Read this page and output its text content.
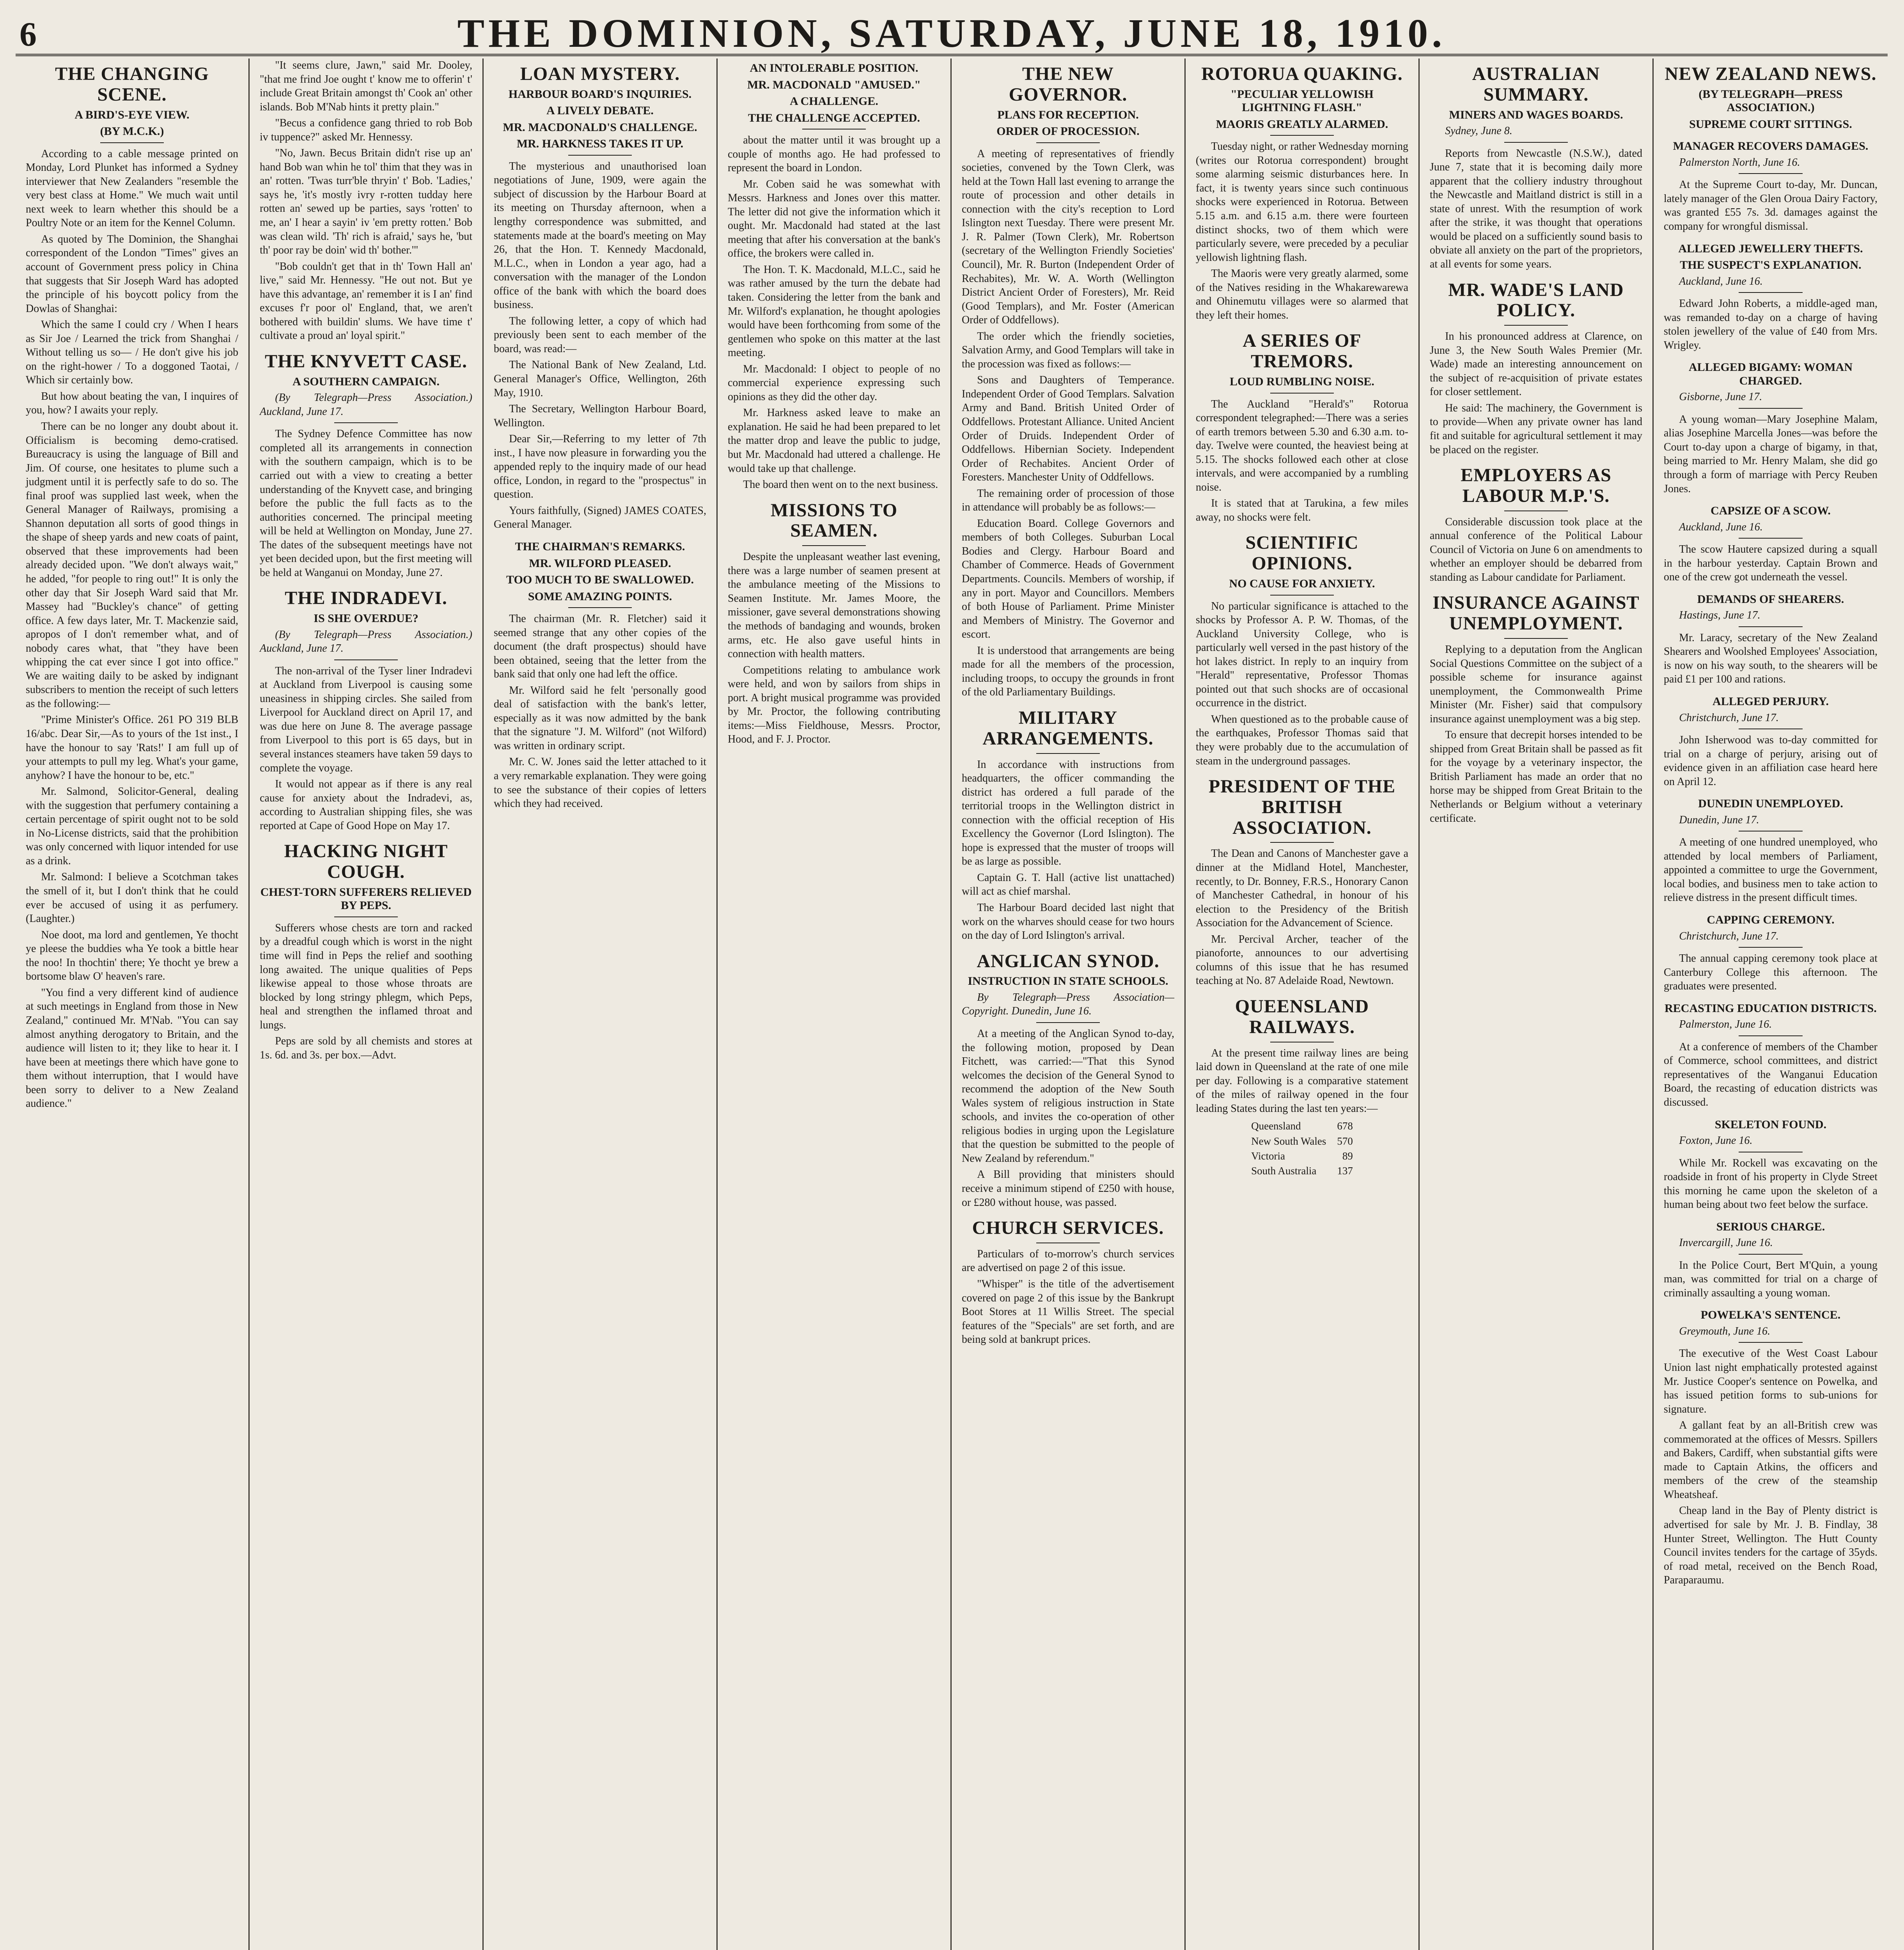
6	THE DOMINION, SATURDAY, JUNE 18, 1910.
THE CHANGING SCENE.
A BIRD'S-EYE VIEW.
(BY M.C.K.)

According to a cable message printed on Monday, Lord Plunket has informed a Sydney interviewer that New Zealanders "resemble the very best class at Home." We much wait until next week to learn whether this should be a Poultry Note or an item for the Kennel Column.

As quoted by The Dominion, the Shanghai correspondent of the London "Times" gives an account of Government press policy in China that suggests that Sir Joseph Ward has adopted the principle of his boycott policy from the Dowlas of Shanghai:

Which the same I could cry / When I hears as Sir Joe / Learned the trick from Shanghai / Without telling us so— / He don't give his job on the right-hower / To a doggoned Taotai, / Which sir certainly bow.

But how about beating the van, I inquires of you, how? I awaits your reply.

There can be no longer any doubt about it. Officialism is becoming demo-cratised. Bureaucracy is using the language of Bill and Jim. Of course, one hesitates to plume such a judgment until it is perfectly safe to do so. The final proof was supplied last week, when the General Manager of Railways, promising a Shannon deputation all sorts of good things in the shape of sheep yards and new coats of paint, observed that these improvements had been already decided upon. "We don't always wait," he added, "for people to ring out!" It is only the other day that Sir Joseph Ward said that Mr. Massey had "Buckley's chance" of getting office. A few days later, Mr. T. Mackenzie said, apropos of I don't remember what, and of nobody cares what, that "they have been whipping the cat ever since I got into office." We are waiting daily to be asked by indignant subscribers to mention the receipt of such letters as the following:—

"Prime Minister's Office. 261 PO 319 BLB 16/abc. Dear Sir,—As to yours of the 1st inst., I have the honour to say 'Rats!' I am full up of your attempts to pull my leg. What's your game, anyhow? I have the honour to be, etc."

Mr. Salmond, Solicitor-General, dealing with the suggestion that perfumery containing a certain percentage of spirit ought not to be sold in No-License districts, said that the prohibition was only concerned with liquor intended for use as a drink.

Mr. Salmond: I believe a Scotchman takes the smell of it, but I don't think that he could ever be accused of using it as perfumery. (Laughter.)

Noe doot, ma lord and gentlemen, Ye thocht ye pleese the buddies wha Ye took a bittle hear the noo! In thochtin' there; Ye thocht ye brew a bortsome blaw O' heaven's rare.

"You find a very different kind of audience at such meetings in England from those in New Zealand," continued Mr. M'Nab. "You can say almost anything derogatory to Britain, and the audience will listen to it; they like to hear it. I have been at meetings there which have gone to them without interruption, that I would have been sorry to deliver to a New Zealand audience."

"It seems clure, Jawn," said Mr. Dooley, "that me frind Joe ought t' know me to offerin' t' include Great Britain amongst th' Cook an' other islands. Bob M'Nab hints it pretty plain."

"Becus a confidence gang thried to rob Bob iv tuppence?" asked Mr. Hennessy.

"No, Jawn. Becus Britain didn't rise up an' hand Bob wan whin he tol' thim that they was in an' rotten. 'Twas turr'ble thryin' t' Bob. 'Ladies,' says he, 'it's mostly ivry r-rotten tudday here rotten an' sewed up be parties, says 'rotten' to me, an' I hear a sayin' iv 'em pretty rotten.' Bob was clean wild. 'Th' rich is afraid,' says he, 'but th' poor ray be doin' wid th' bother.'"

"Bob couldn't get that in th' Town Hall an' live," said Mr. Hennessy. "He out not. But ye have this advantage, an' remember it is I an' find excuses f'r poor ol' England, that, we aren't bothered with buildin' slums. We have time t' cultivate a proud an' loyal spirit."

THE KNYVETT CASE.
A SOUTHERN CAMPAIGN.

(By Telegraph—Press Association.) Auckland, June 17.

The Sydney Defence Committee has now completed all its arrangements in connection with the southern campaign, which is to be carried out with a view to creating a better understanding of the Knyvett case, and bringing before the public the full facts as to the authorities concerned. The principal meeting will be held at Wellington on Monday, June 27. The dates of the subsequent meetings have not yet been decided upon, but the first meeting will be held at Wanganui on Monday, June 27.

THE INDRADEVI.
IS SHE OVERDUE?

(By Telegraph—Press Association.) Auckland, June 17.

The non-arrival of the Tyser liner Indradevi at Auckland from Liverpool is causing some uneasiness in shipping circles. She sailed from Liverpool for Auckland direct on April 17, and was due here on June 8. The average passage from Liverpool to this port is 65 days, but in several instances steamers have taken 59 days to complete the voyage.

It would not appear as if there is any real cause for anxiety about the Indradevi, as, according to Australian shipping files, she was reported at Cape of Good Hope on May 17.

HACKING NIGHT COUGH.
CHEST-TORN SUFFERERS RELIEVED BY PEPS.

Sufferers whose chests are torn and racked by a dreadful cough which is worst in the night time will find in Peps the relief and soothing long awaited. The unique qualities of Peps likewise appeal to those whose throats are blocked by long stringy phlegm, which Peps, heal and strengthen the inflamed throat and lungs.

Peps are sold by all chemists and stores at 1s. 6d. and 3s. per box.—Advt.

LOAN MYSTERY.
HARBOUR BOARD'S INQUIRIES.
A LIVELY DEBATE.
MR. MACDONALD'S CHALLENGE.
MR. HARKNESS TAKES IT UP.

The mysterious and unauthorised loan negotiations of June, 1909, were again the subject of discussion by the Harbour Board at its meeting on Thursday afternoon, when a lengthy correspondence was submitted, and statements made at the board's meeting on May 26, that the Hon. T. Kennedy Macdonald, M.L.C., when in London a year ago, had a conversation with the manager of the London office of the bank with which the board does business.

The following letter, a copy of which had previously been sent to each member of the board, was read:—

The National Bank of New Zealand, Ltd. General Manager's Office, Wellington, 26th May, 1910.

The Secretary, Wellington Harbour Board, Wellington.

Dear Sir,—Referring to my letter of 7th inst., I have now pleasure in forwarding you the appended reply to the inquiry made of our head office, London, in regard to the "prospectus" in question.

Yours faithfully, (Signed) JAMES COATES, General Manager.

THE CHAIRMAN'S REMARKS.
MR. WILFORD PLEASED.
TOO MUCH TO BE SWALLOWED.
SOME AMAZING POINTS.

The chairman (Mr. R. Fletcher) said it seemed strange that any other copies of the document (the draft prospectus) should have been obtained, seeing that the letter from the bank said that only one had left the office.

Mr. Wilford said he felt 'personally good deal of satisfaction with the bank's letter, especially as it was now admitted by the bank that the signature "J. M. Wilford" (not Wilford) was written in ordinary script.

Mr. C. W. Jones said the letter attached to it a very remarkable explanation. They were going to see the substance of their copies of letters which they had received.

AN INTOLERABLE POSITION.
MR. MACDONALD "AMUSED."
A CHALLENGE.
THE CHALLENGE ACCEPTED.

about the matter until it was brought up a couple of months ago. He had professed to represent the board in London.

Mr. Coben said he was somewhat with Messrs. Harkness and Jones over this matter. The letter did not give the information which it ought. Mr. Macdonald had stated at the last meeting that after his conversation at the bank's office, the brokers were called in.

The Hon. T. K. Macdonald, M.L.C., said he was rather amused by the turn the debate had taken. Considering the letter from the bank and Mr. Wilford's explanation, he thought apologies would have been forthcoming from some of the gentlemen who spoke on this matter at the last meeting.

Mr. Macdonald: I object to people of no commercial experience expressing such opinions as they did the other day.

Mr. Harkness asked leave to make an explanation. He said he had been prepared to let the matter drop and leave the public to judge, but Mr. Macdonald had uttered a challenge. He would take up that challenge.

The board then went on to the next business.

MISSIONS TO SEAMEN.

Despite the unpleasant weather last evening, there was a large number of seamen present at the ambulance meeting of the Missions to Seamen Institute. Mr. James Moore, the missioner, gave several demonstrations showing the methods of bandaging and wounds, broken arms, etc. He also gave useful hints in connection with health matters.

Competitions relating to ambulance work were held, and won by sailors from ships in port. A bright musical programme was provided by Mr. Proctor, the following contributing items:—Miss Fieldhouse, Messrs. Proctor, Hood, and F. J. Proctor.

THE NEW GOVERNOR.
PLANS FOR RECEPTION.
ORDER OF PROCESSION.

A meeting of representatives of friendly societies, convened by the Town Clerk, was held at the Town Hall last evening to arrange the route of procession and other details in connection with the city's reception to Lord Islington next Tuesday. There were present Mr. J. R. Palmer (Town Clerk), Mr. Robertson (secretary of the Wellington Friendly Societies' Council), Mr. R. Burton (Independent Order of Rechabites), Mr. W. A. Worth (Wellington District Ancient Order of Foresters), Mr. Reid (Good Templars), and Mr. Foster (American Order of Oddfellows).

The order which the friendly societies, Salvation Army, and Good Templars will take in the procession was fixed as follows:—

Sons and Daughters of Temperance. Independent Order of Good Templars. Salvation Army and Band. British United Order of Oddfellows. Protestant Alliance. United Ancient Order of Druids. Independent Order of Oddfellows. Hibernian Society. Independent Order of Rechabites. Ancient Order of Foresters. Manchester Unity of Oddfellows.

The remaining order of procession of those in attendance will probably be as follows:—

Education Board. College Governors and members of both Colleges. Suburban Local Bodies and Clergy. Harbour Board and Chamber of Commerce. Heads of Government Departments. Councils. Members of worship, if any in port. Mayor and Councillors. Members of both House of Parliament. Prime Minister and Members of Ministry. The Governor and escort.

It is understood that arrangements are being made for all the members of the procession, including troops, to occupy the grounds in front of the old Parliamentary Buildings.

MILITARY ARRANGEMENTS.

In accordance with instructions from headquarters, the officer commanding the district has ordered a full parade of the territorial troops in the Wellington district in connection with the official reception of His Excellency the Governor (Lord Islington). The hope is expressed that the muster of troops will be as large as possible.

Captain G. T. Hall (active list unattached) will act as chief marshal.

The Harbour Board decided last night that work on the wharves should cease for two hours on the day of Lord Islington's arrival.

ANGLICAN SYNOD.
INSTRUCTION IN STATE SCHOOLS.

By Telegraph—Press Association—Copyright. Dunedin, June 16.

At a meeting of the Anglican Synod to-day, the following motion, proposed by Dean Fitchett, was carried:—"That this Synod welcomes the decision of the General Synod to recommend the adoption of the New South Wales system of religious instruction in State schools, and invites the co-operation of other religious bodies in urging upon the Legislature that the question be submitted to the people of New Zealand by referendum."

A Bill providing that ministers should receive a minimum stipend of £250 with house, or £280 without house, was passed.

CHURCH SERVICES.

Particulars of to-morrow's church services are advertised on page 2 of this issue.

"Whisper" is the title of the advertisement covered on page 2 of this issue by the Bankrupt Boot Stores at 11 Willis Street. The special features of the "Specials" are set forth, and are being sold at bankrupt prices.

ROTORUA QUAKING.
"PECULIAR YELLOWISH LIGHTNING FLASH."
MAORIS GREATLY ALARMED.

Tuesday night, or rather Wednesday morning (writes our Rotorua correspondent) brought some alarming seismic disturbances here. In fact, it is twenty years since such continuous shocks were experienced in Rotorua. Between 5.15 a.m. and 6.15 a.m. there were fourteen distinct shocks, two of them which were particularly severe, were preceded by a peculiar yellowish lightning flash.

The Maoris were very greatly alarmed, some of the Natives residing in the Whakarewarewa and Ohinemutu villages were so alarmed that they left their homes.

A SERIES OF TREMORS.
LOUD RUMBLING NOISE.

The Auckland "Herald's" Rotorua correspondent telegraphed:—There was a series of earth tremors between 5.30 and 6.30 a.m. to-day. Twelve were counted, the heaviest being at 5.15. The shocks followed each other at close intervals, and were accompanied by a rumbling noise.

It is stated that at Tarukina, a few miles away, no shocks were felt.

SCIENTIFIC OPINIONS.
NO CAUSE FOR ANXIETY.

No particular significance is attached to the shocks by Professor A. P. W. Thomas, of the Auckland University College, who is particularly well versed in the past history of the hot lakes district. In reply to an inquiry from "Herald" representative, Professor Thomas pointed out that such shocks are of occasional occurrence in the district.

When questioned as to the probable cause of the earthquakes, Professor Thomas said that they were probably due to the accumulation of steam in the underground passages.

PRESIDENT OF THE BRITISH ASSOCIATION.

The Dean and Canons of Manchester gave a dinner at the Midland Hotel, Manchester, recently, to Dr. Bonney, F.R.S., Honorary Canon of Manchester Cathedral, in honour of his election to the Presidency of the British Association for the Advancement of Science.

Mr. Percival Archer, teacher of the pianoforte, announces to our advertising columns of this issue that he has resumed teaching at No. 87 Adelaide Road, Newtown.

QUEENSLAND RAILWAYS.

At the present time railway lines are being laid down in Queensland at the rate of one mile per day. Following is a comparative statement of the miles of railway opened in the four leading States during the last ten years:—

Queensland	678
New South Wales	570
Victoria	89
South Australia	137
AUSTRALIAN SUMMARY.
MINERS AND WAGES BOARDS.

Sydney, June 8.

Reports from Newcastle (N.S.W.), dated June 7, state that it is becoming daily more apparent that the colliery industry throughout the Newcastle and Maitland district is still in a state of unrest. With the resumption of work after the strike, it was thought that operations would be placed on a sufficiently sound basis to obviate all anxiety on the part of the proprietors, at all events for some years.

MR. WADE'S LAND POLICY.

In his pronounced address at Clarence, on June 3, the New South Wales Premier (Mr. Wade) made an interesting announcement on the subject of re-acquisition of private estates for closer settlement.

He said: The machinery, the Government is to provide—When any private owner has land fit and suitable for agricultural settlement it may be placed on the register.

EMPLOYERS AS LABOUR M.P.'S.

Considerable discussion took place at the annual conference of the Political Labour Council of Victoria on June 6 on amendments to whether an employer should be debarred from standing as Labour candidate for Parliament.

INSURANCE AGAINST UNEMPLOYMENT.

Replying to a deputation from the Anglican Social Questions Committee on the subject of a possible scheme for insurance against unemployment, the Commonwealth Prime Minister (Mr. Fisher) said that compulsory insurance against unemployment was a big step.

To ensure that decrepit horses intended to be shipped from Great Britain shall be passed as fit for the voyage by a veterinary inspector, the British Parliament has made an order that no horse may be shipped from Great Britain to the Netherlands or Belgium without a veterinary certificate.

NEW ZEALAND NEWS.
(BY TELEGRAPH—PRESS ASSOCIATION.)
SUPREME COURT SITTINGS.
MANAGER RECOVERS DAMAGES.

Palmerston North, June 16.

At the Supreme Court to-day, Mr. Duncan, lately manager of the Glen Oroua Dairy Factory, was granted £55 7s. 3d. damages against the company for wrongful dismissal.

ALLEGED JEWELLERY THEFTS.
THE SUSPECT'S EXPLANATION.

Auckland, June 16.

Edward John Roberts, a middle-aged man, was remanded to-day on a charge of having stolen jewellery of the value of £40 from Mrs. Wrigley.

ALLEGED BIGAMY: WOMAN CHARGED.

Gisborne, June 17.

A young woman—Mary Josephine Malam, alias Josephine Marcella Jones—was before the Court to-day upon a charge of bigamy, in that, being married to Mr. Henry Malam, she did go through a form of marriage with Percy Reuben Jones.

CAPSIZE OF A SCOW.

Auckland, June 16.

The scow Hautere capsized during a squall in the harbour yesterday. Captain Brown and one of the crew got underneath the vessel.

DEMANDS OF SHEARERS.

Hastings, June 17.

Mr. Laracy, secretary of the New Zealand Shearers and Woolshed Employees' Association, is now on his way south, to the shearers will be paid £1 per 100 and rations.

ALLEGED PERJURY.

Christchurch, June 17.

John Isherwood was to-day committed for trial on a charge of perjury, arising out of evidence given in an affiliation case heard here on April 12.

DUNEDIN UNEMPLOYED.

Dunedin, June 17.

A meeting of one hundred unemployed, who attended by local members of Parliament, appointed a committee to urge the Government, local bodies, and business men to take action to relieve distress in the present difficult times.

CAPPING CEREMONY.

Christchurch, June 17.

The annual capping ceremony took place at Canterbury College this afternoon. The graduates were presented.

RECASTING EDUCATION DISTRICTS.

Palmerston, June 16.

At a conference of members of the Chamber of Commerce, school committees, and district representatives of the Wanganui Education Board, the recasting of education districts was discussed.

SKELETON FOUND.

Foxton, June 16.

While Mr. Rockell was excavating on the roadside in front of his property in Clyde Street this morning he came upon the skeleton of a human being about two feet below the surface.

SERIOUS CHARGE.

Invercargill, June 16.

In the Police Court, Bert M'Quin, a young man, was committed for trial on a charge of criminally assaulting a young woman.

POWELKA'S SENTENCE.

Greymouth, June 16.

The executive of the West Coast Labour Union last night emphatically protested against Mr. Justice Cooper's sentence on Powelka, and has issued petition forms to sub-unions for signature.

A gallant feat by an all-British crew was commemorated at the offices of Messrs. Spillers and Bakers, Cardiff, when substantial gifts were made to Captain Atkins, the officers and members of the crew of the steamship Wheatsheaf.

Cheap land in the Bay of Plenty district is advertised for sale by Mr. J. B. Findlay, 38 Hunter Street, Wellington. The Hutt County Council invites tenders for the cartage of 35yds. of road metal, received on the Bench Road, Paraparaumu.
